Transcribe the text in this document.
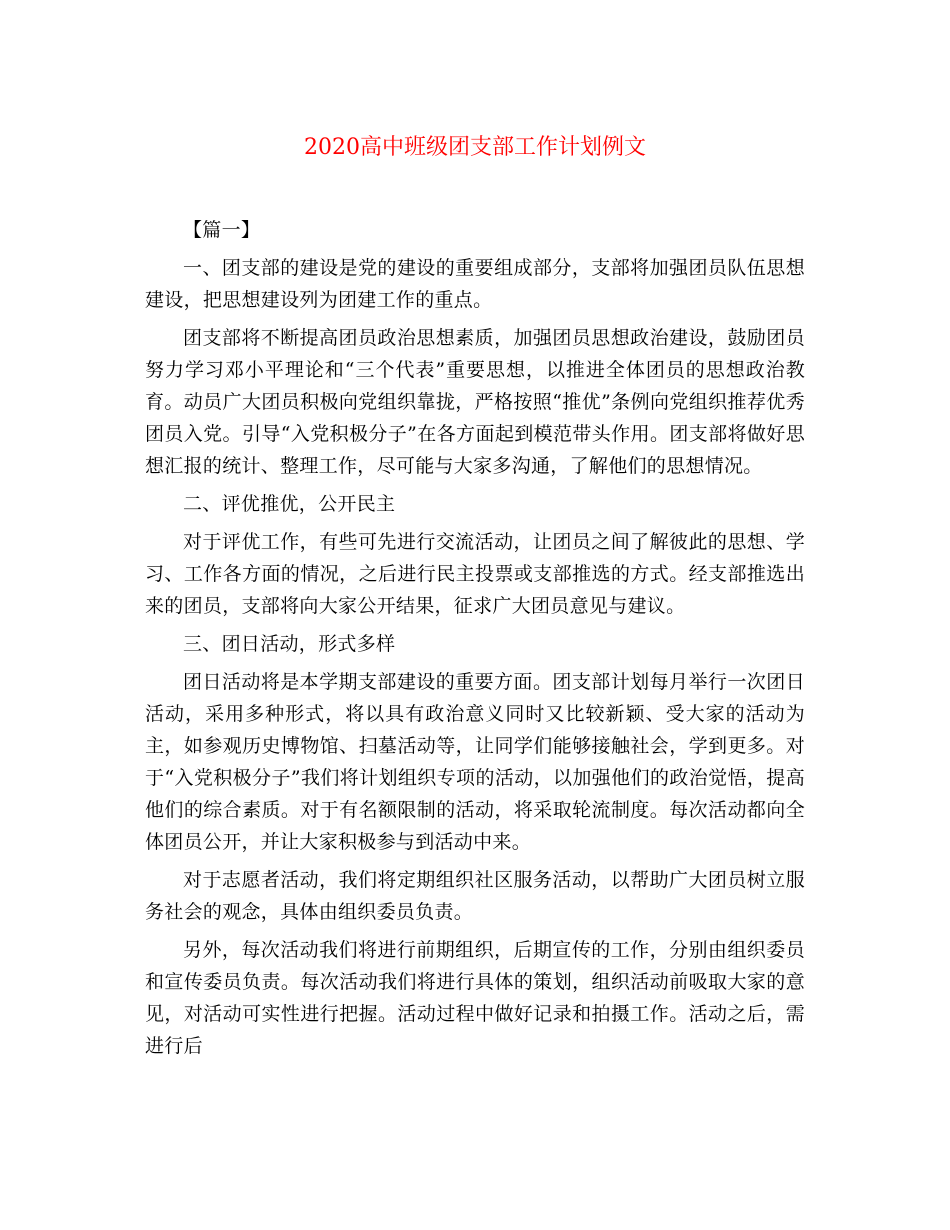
2020高中班级团支部工作计划例文

【篇一】

一、团支部的建设是党的建设的重要组成部分，支部将加强团员队伍思想建设，把思想建设列为团建工作的重点。

团支部将不断提高团员政治思想素质，加强团员思想政治建设，鼓励团员努力学习邓小平理论和“三个代表”重要思想，以推进全体团员的思想政治教育。动员广大团员积极向党组织靠拢，严格按照“推优”条例向党组织推荐优秀团员入党。引导“入党积极分子”在各方面起到模范带头作用。团支部将做好思想汇报的统计、整理工作，尽可能与大家多沟通，了解他们的思想情况。

二、评优推优，公开民主

对于评优工作，有些可先进行交流活动，让团员之间了解彼此的思想、学习、工作各方面的情况，之后进行民主投票或支部推选的方式。经支部推选出来的团员，支部将向大家公开结果，征求广大团员意见与建议。

三、团日活动，形式多样

团日活动将是本学期支部建设的重要方面。团支部计划每月举行一次团日活动，采用多种形式，将以具有政治意义同时又比较新颖、受大家的活动为主，如参观历史博物馆、扫墓活动等，让同学们能够接触社会，学到更多。对于“入党积极分子”我们将计划组织专项的活动，以加强他们的政治觉悟，提高他们的综合素质。对于有名额限制的活动，将采取轮流制度。每次活动都向全体团员公开，并让大家积极参与到活动中来。

对于志愿者活动，我们将定期组织社区服务活动，以帮助广大团员树立服务社会的观念，具体由组织委员负责。

另外，每次活动我们将进行前期组织，后期宣传的工作，分别由组织委员和宣传委员负责。每次活动我们将进行具体的策划，组织活动前吸取大家的意见，对活动可实性进行把握。活动过程中做好记录和拍摄工作。活动之后，需进行后
